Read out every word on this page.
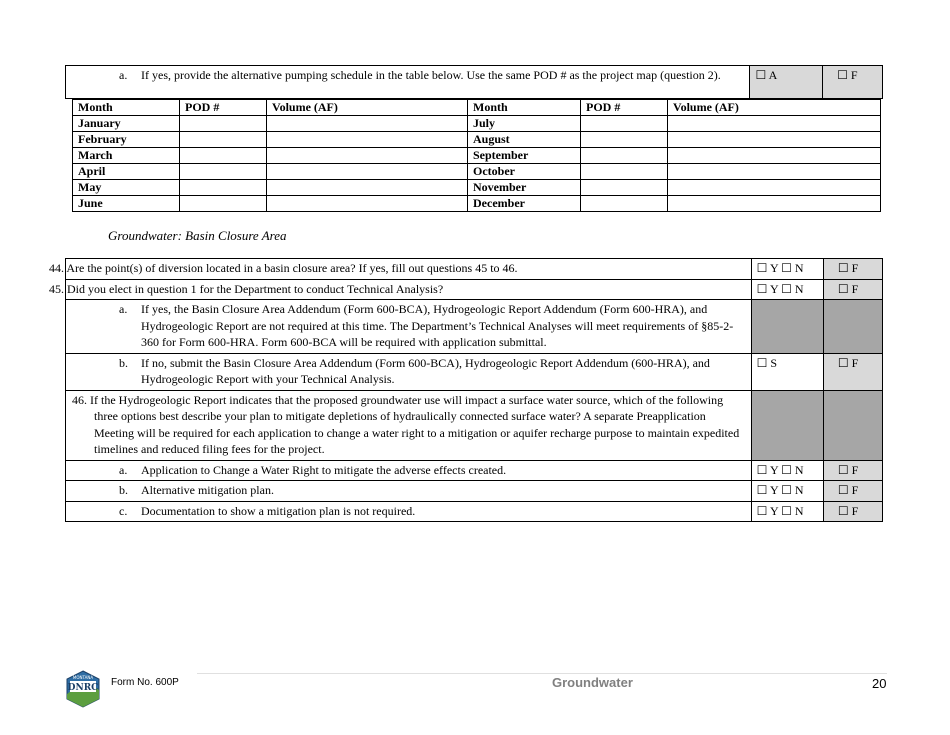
a. If yes, provide the alternative pumping schedule in the table below. Use the same POD # as the project map (question 2).	☐ A	☐ F
Month	POD #	Volume (AF)	Month	POD #	Volume (AF)
January			July		
February			August		
March			September		
April			October		
May			November		
June			December		
Groundwater: Basin Closure Area
44. Are the point(s) of diversion located in a basin closure area? If yes, fill out questions 45 to 46.	☐ Y ☐ N	☐ F
45. Did you elect in question 1 for the Department to conduct Technical Analysis?	☐ Y ☐ N	☐ F

a. If yes, the Basin Closure Area Addendum (Form 600-BCA), Hydrogeologic Report Addendum (Form 600-HRA), and Hydrogeologic Report are not required at this time. The Department’s Technical Analyses will meet requirements of §85-2-360 for Form 600-HRA. Form 600-BCA will be required with application submittal.		

b. If no, submit the Basin Closure Area Addendum (Form 600-BCA), Hydrogeologic Report Addendum (600-HRA), and Hydrogeologic Report with your Technical Analysis.	☐ S	☐ F
46. If the Hydrogeologic Report indicates that the proposed groundwater use will impact a surface water source, which of the following three options best describe your plan to mitigate depletions of hydraulically connected surface water? A separate Preapplication Meeting will be required for each application to change a water right to a mitigation or aquifer recharge purpose to maintain expedited timelines and reduced filing fees for the project.		

a. Application to Change a Water Right to mitigate the adverse effects created.	☐ Y ☐ N	☐ F

b. Alternative mitigation plan.	☐ Y ☐ N	☐ F

c. Documentation to show a mitigation plan is not required.	☐ Y ☐ N	☐ F
MONTANA
DNRC Form No. 600P	Groundwater	20
